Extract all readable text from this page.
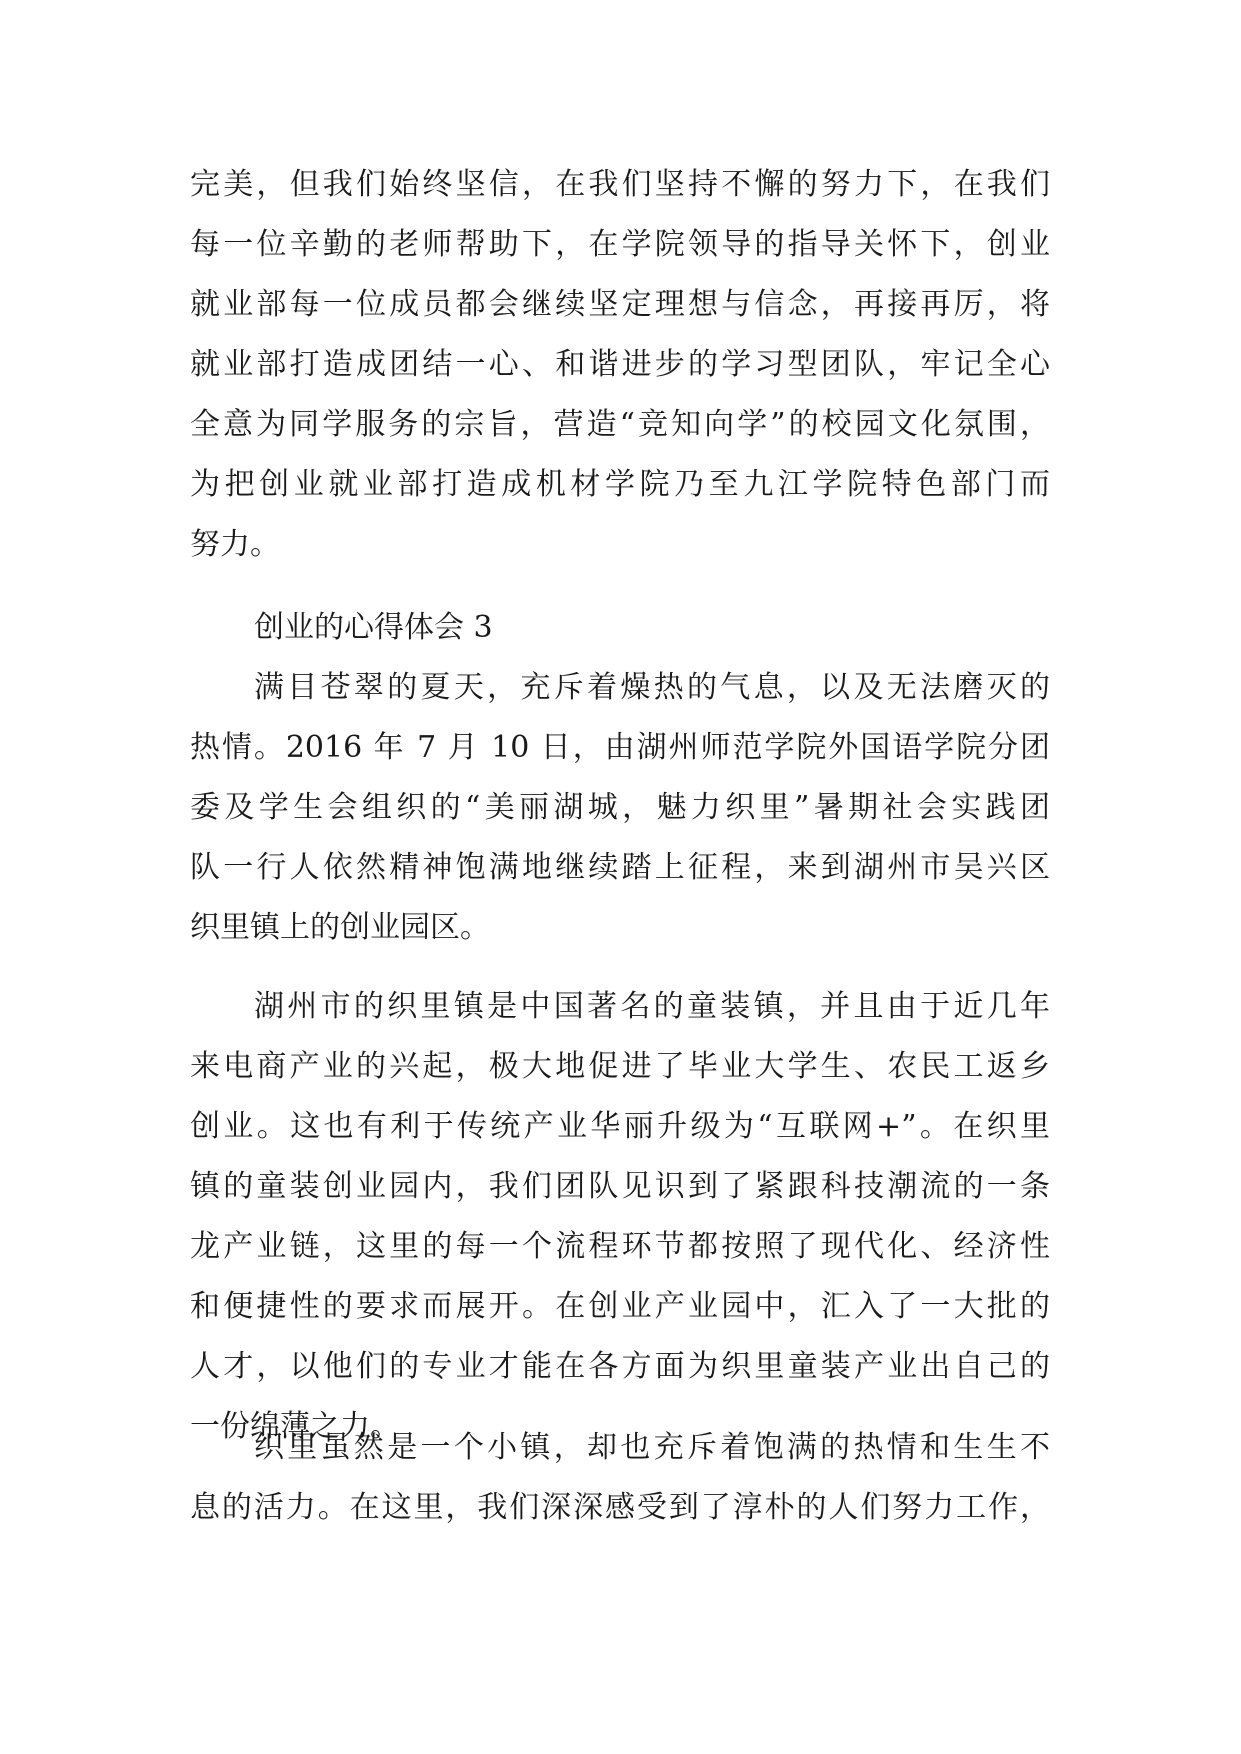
完美，但我们始终坚信，在我们坚持不懈的努力下，在我们
每一位辛勤的老师帮助下，在学院领导的指导关怀下，创业
就业部每一位成员都会继续坚定理想与信念，再接再厉，将
就业部打造成团结一心、和谐进步的学习型团队，牢记全心
全意为同学服务的宗旨，营造“竞知向学”的校园文化氛围，
为把创业就业部打造成机材学院乃至九江学院特色部门而
努力。
创业的心得体会 3
满目苍翠的夏天，充斥着燥热的气息，以及无法磨灭的
热情。2016 年 7 月 10 日，由湖州师范学院外国语学院分团
委及学生会组织的“美丽湖城，魅力织里”暑期社会实践团
队一行人依然精神饱满地继续踏上征程，来到湖州市吴兴区
织里镇上的创业园区。
湖州市的织里镇是中国著名的童装镇，并且由于近几年
来电商产业的兴起，极大地促进了毕业大学生、农民工返乡
创业。这也有利于传统产业华丽升级为“互联网+”。在织里
镇的童装创业园内，我们团队见识到了紧跟科技潮流的一条
龙产业链，这里的每一个流程环节都按照了现代化、经济性
和便捷性的要求而展开。在创业产业园中，汇入了一大批的
人才，以他们的专业才能在各方面为织里童装产业出自己的
一份绵薄之力。
织里虽然是一个小镇，却也充斥着饱满的热情和生生不
息的活力。在这里，我们深深感受到了淳朴的人们努力工作，
